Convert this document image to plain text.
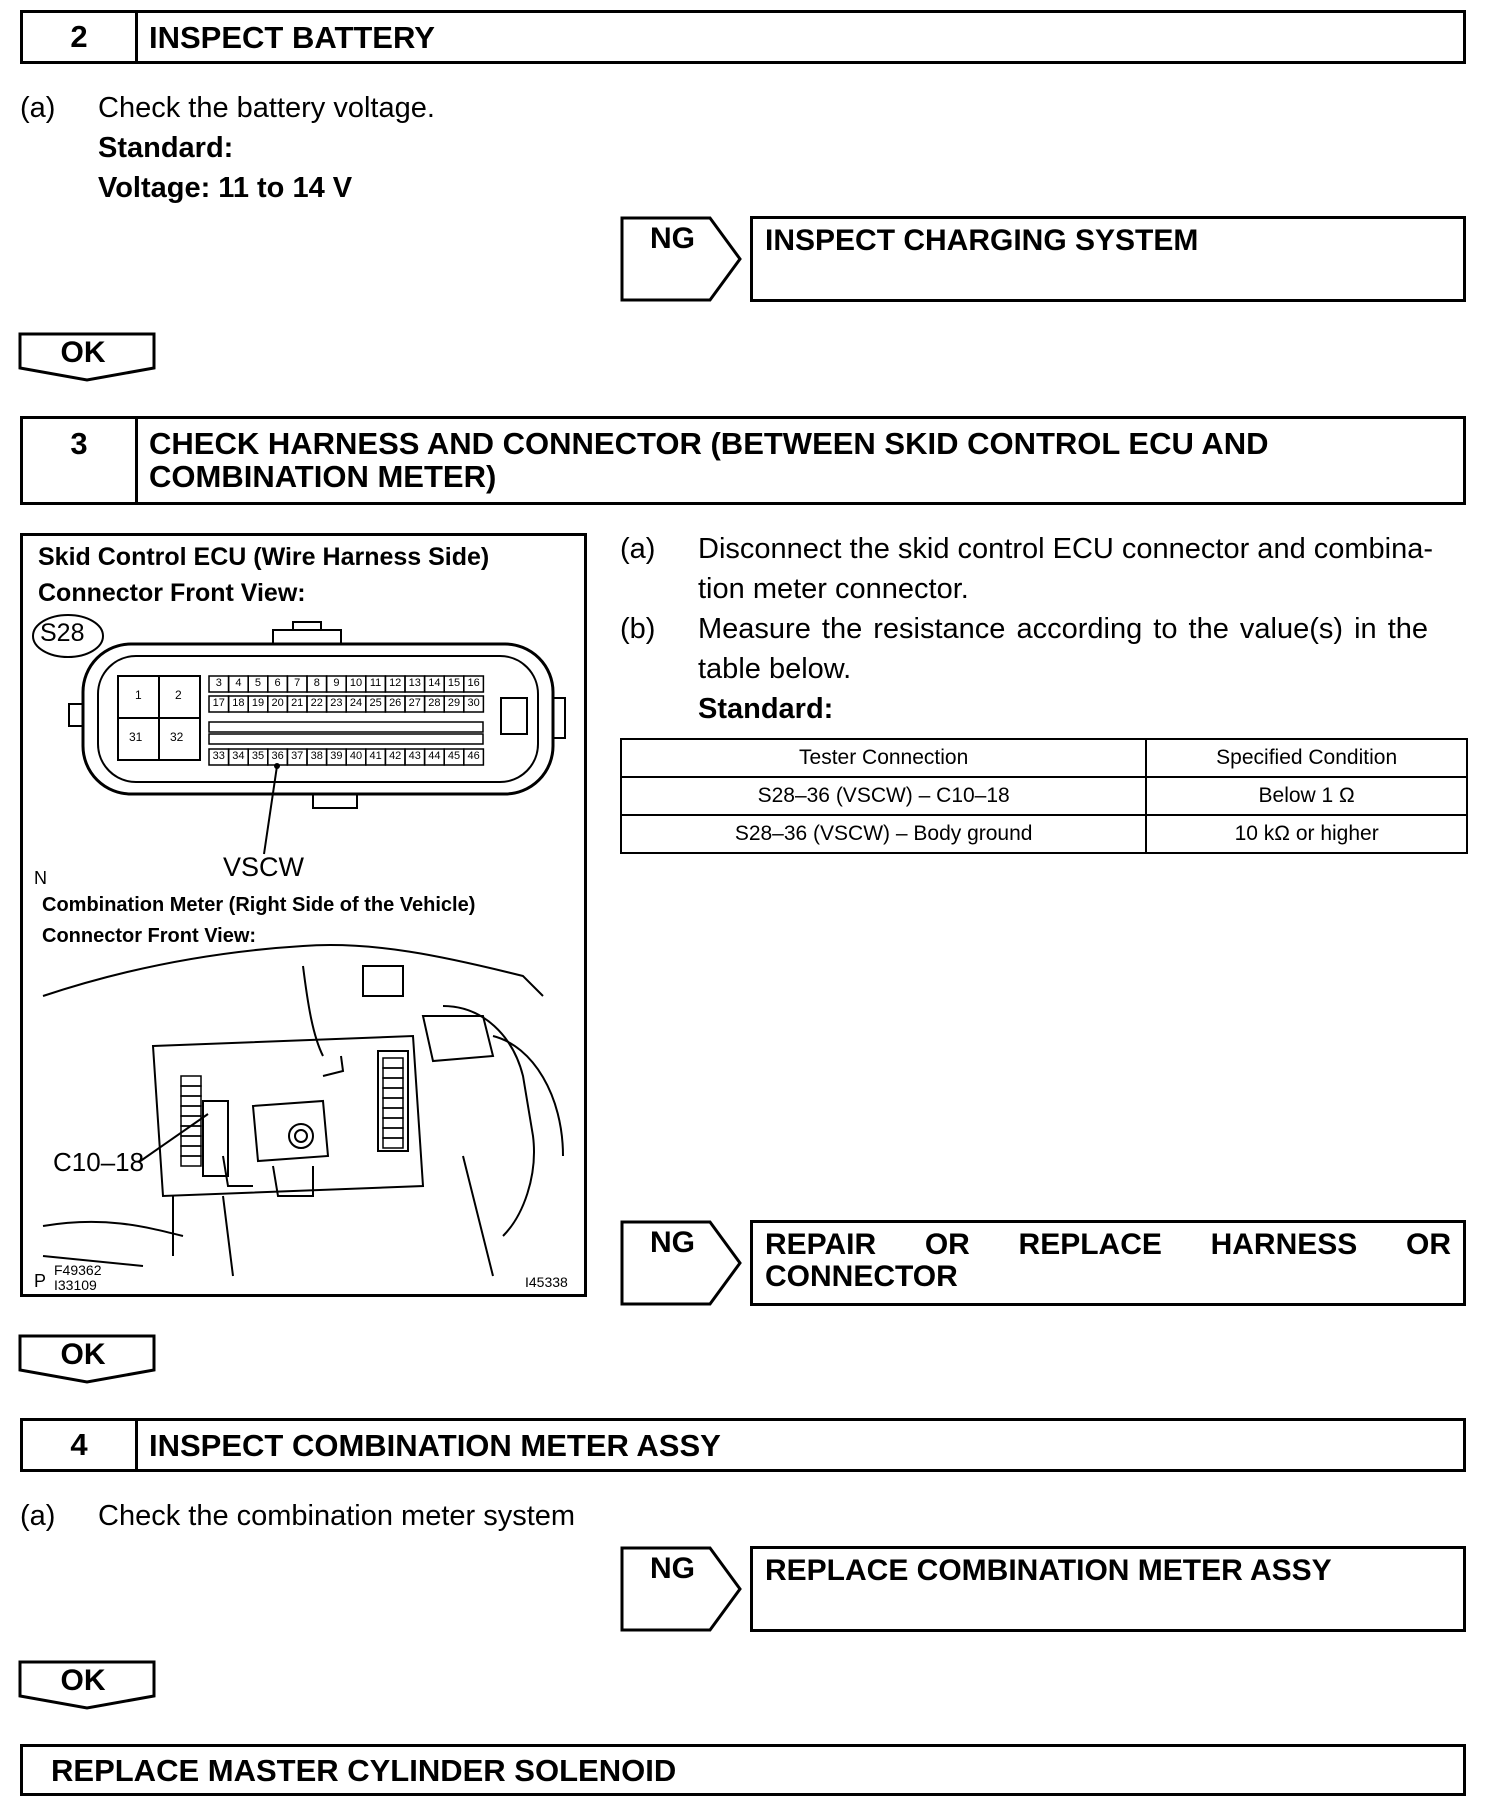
2	INSPECT BATTERY
(a) Check the battery voltage.
Standard:
Voltage: 11 to 14 V
NG	INSPECT CHARGING SYSTEM
OK
3	CHECK HARNESS AND CONNECTOR (BETWEEN SKID CONTROL ECU AND
COMBINATION METER)
Skid Control ECU (Wire Harness Side)
Connector Front View:
S28
1	2
31 32
3	4	5	6	7	8	9 10 11 12 13 14 15 16
17 18 19 20 21 22 23 24 25 26 27 28 29 30
33 34 35 36 37 38 39 40 41 42 43 44 45 46
VSCW
N
Combination Meter (Right Side of the Vehicle)
Connector Front View:
C10–18
P
F49362
I33109	I45338
(a) Disconnect the skid control ECU connector and combina-
tion meter connector.
(b) Measure the resistance according to the value(s) in the
table below.
Standard:
Tester Connection	Specified Condition
S28–36 (VSCW) – C10–18	Below 1 Ω
S28–36 (VSCW) – Body ground	10 kΩ or higher
NG REPAIR OR REPLACE HARNESS OR
CONNECTOR
OK
4	INSPECT COMBINATION METER ASSY
(a) Check the combination meter system
NG	REPLACE COMBINATION METER ASSY
OK
REPLACE MASTER CYLINDER SOLENOID
